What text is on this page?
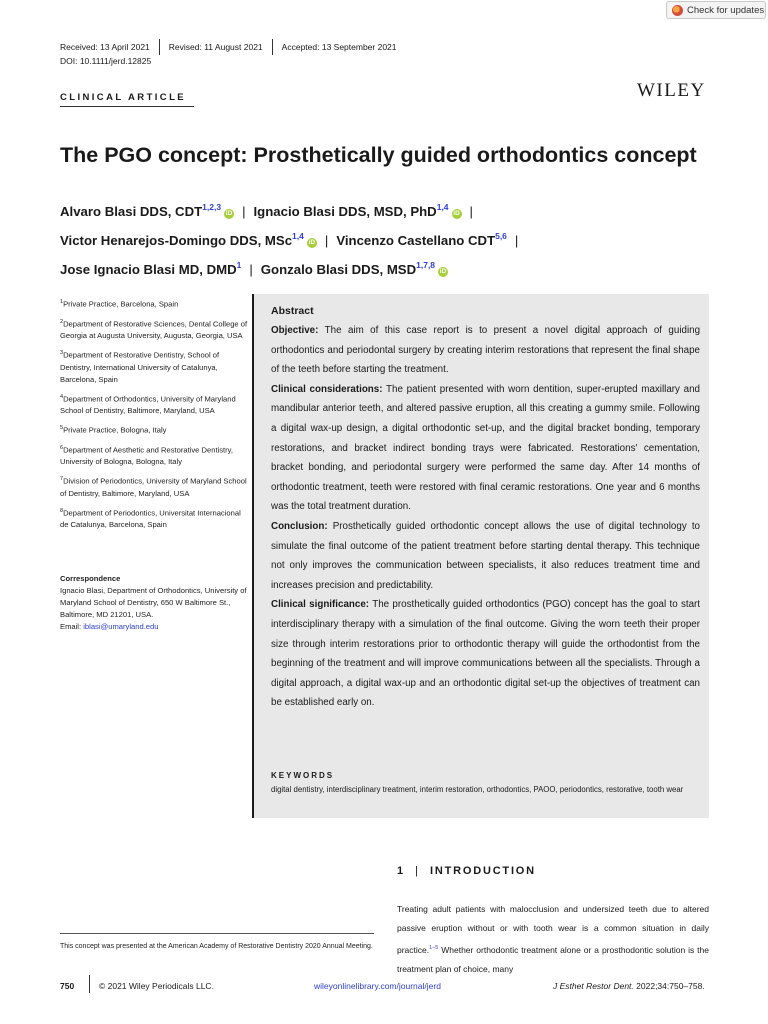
Check for updates
Received: 13 April 2021 Revised: 11 August 2021 Accepted: 13 September 2021
DOI: 10.1111/jerd.12825
CLINICAL ARTICLE	WILEY
The PGO concept: Prosthetically guided orthodontics concept
Alvaro Blasi DDS, CDT$^{1,2,3}$iD | Ignacio Blasi DDS, MSD, PhD$^{1,4}$iD |
Victor Henarejos-Domingo DDS, MSc$^{1,4}$iD | Vincenzo Castellano CDT$^{5,6}$ |
Jose Ignacio Blasi MD, DMD$^1$ | Gonzalo Blasi DDS, MSD$^{1,7,8}$iD

$^1$Private Practice, Barcelona, Spain

$^2$Department of Restorative Sciences, Dental College of Georgia at Augusta University, Augusta, Georgia, USA

$^3$Department of Restorative Dentistry, School of Dentistry, International University of Catalunya, Barcelona, Spain

$^4$Department of Orthodontics, University of Maryland School of Dentistry, Baltimore, Maryland, USA

$^5$Private Practice, Bologna, Italy

$^6$Department of Aesthetic and Restorative Dentistry, University of Bologna, Bologna, Italy

$^7$Division of Periodontics, University of Maryland School of Dentistry, Baltimore, Maryland, USA

$^8$Department of Periodontics, Universitat Internacional de Catalunya, Barcelona, Spain

Correspondence
Ignacio Blasi, Department of Orthodontics, University of Maryland School of Dentistry, 650 W Baltimore St., Baltimore, MD 21201, USA.
Email: iblasi@umaryland.edu
Abstract

Objective: The aim of this case report is to present a novel digital approach of guiding orthodontics and periodontal surgery by creating interim restorations that represent the final shape of the teeth before starting the treatment.

Clinical considerations: The patient presented with worn dentition, super-erupted maxillary and mandibular anterior teeth, and altered passive eruption, all this creating a gummy smile. Following a digital wax-up design, a digital orthodontic set-up, and the digital bracket bonding, temporary restorations, and bracket indirect bonding trays were fabricated. Restorations' cementation, bracket bonding, and periodontal surgery were performed the same day. After 14 months of orthodontic treatment, teeth were restored with final ceramic restorations. One year and 6 months was the total treatment duration.

Conclusion: Prosthetically guided orthodontic concept allows the use of digital technology to simulate the final outcome of the patient treatment before starting dental therapy. This technique not only improves the communication between specialists, it also reduces treatment time and increases precision and predictability.

Clinical significance: The prosthetically guided orthodontics (PGO) concept has the goal to start interdisciplinary therapy with a simulation of the final outcome. Giving the worn teeth their proper size through interim restorations prior to orthodontic therapy will guide the orthodontist from the beginning of the treatment and will improve communications between all the specialists. Through a digital approach, a digital wax-up and an orthodontic digital set-up the objectives of treatment can be established early on.

KEYWORDS
digital dentistry, interdisciplinary treatment, interim restoration, orthodontics, PAOO, periodontics, restorative, tooth wear
1 | INTRODUCTION
Treating adult patients with malocclusion and undersized teeth due to altered passive eruption without or with tooth wear is a common situation in daily practice.$^{1-5}$ Whether orthodontic treatment alone or a prosthodontic solution is the treatment plan of choice, many
This concept was presented at the American Academy of Restorative Dentistry 2020 Annual Meeting.
750	© 2021 Wiley Periodicals LLC.	wileyonlinelibrary.com/journal/jerd	J Esthet Restor Dent. 2022;34:750–758.
